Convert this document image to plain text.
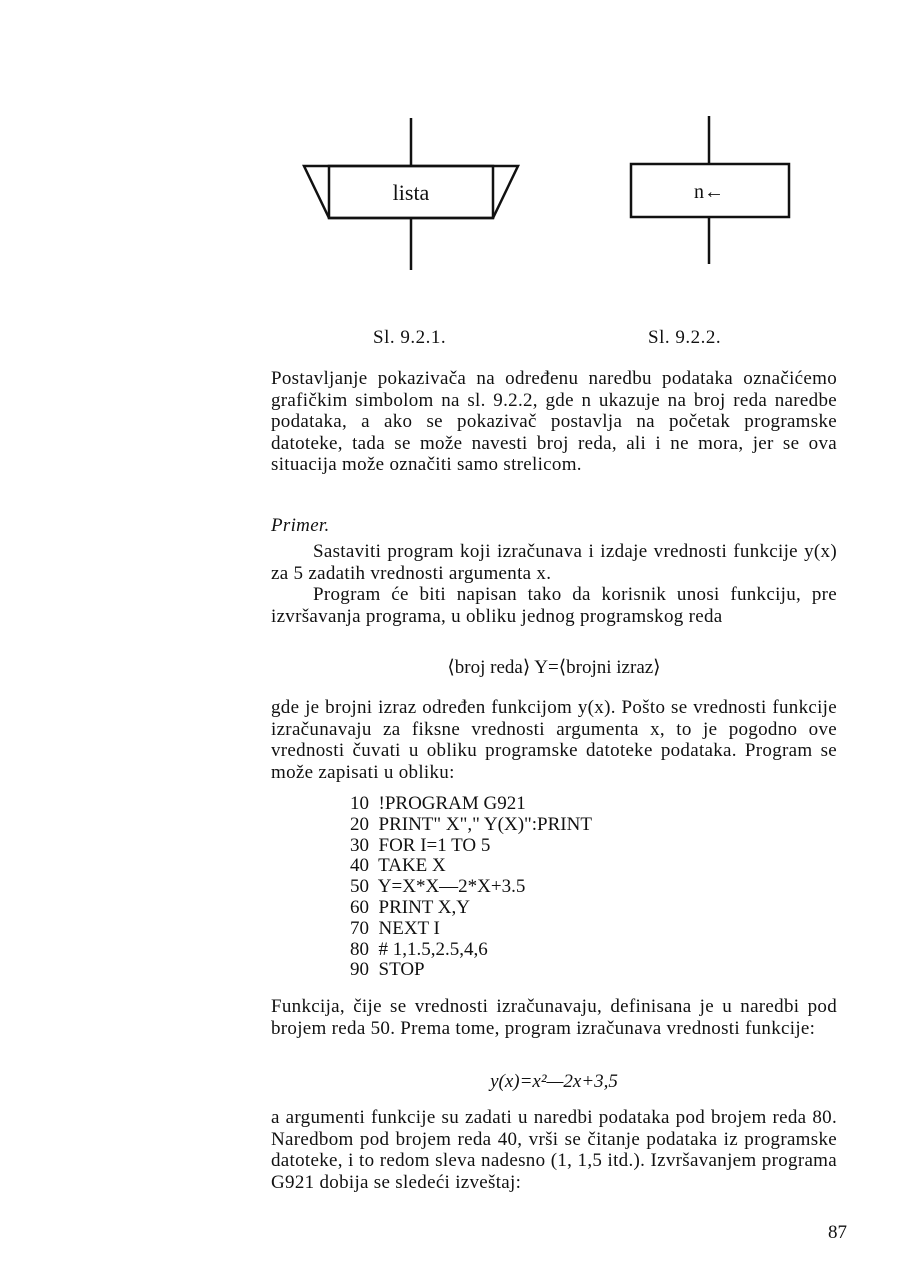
lista	n←
Sl. 9.2.1.	Sl. 9.2.2.

Postavljanje pokazivača na određenu naredbu podataka označićemo grafičkim simbolom na sl. 9.2.2, gde n ukazuje na broj reda naredbe podataka, a ako se pokazivač postavlja na početak programske datoteke, tada se može navesti broj reda, ali i ne mora, jer se ova situacija može označiti samo strelicom.

Primer.

Sastaviti program koji izračunava i izdaje vrednosti funkcije y(x) za 5 zadatih vrednosti argumenta x.

Program će biti napisan tako da korisnik unosi funkciju, pre izvršavanja programa, u obliku jednog programskog reda

⟨broj reda⟩ Y=⟨brojni izraz⟩

gde je brojni izraz određen funkcijom y(x). Pošto se vrednosti funkcije izračunavaju za fiksne vrednosti argumenta x, to je pogodno ove vrednosti čuvati u obliku programske datoteke podataka. Program se može zapisati u obliku:

10  !PROGRAM G921
20  PRINT" X"," Y(X)":PRINT
30  FOR I=1 TO 5
40  TAKE X
50  Y=X*X—2*X+3.5
60  PRINT X,Y
70  NEXT I
80  # 1,1.5,2.5,4,6
90  STOP

Funkcija, čije se vrednosti izračunavaju, definisana je u naredbi pod brojem reda 50. Prema tome, program izračunava vrednosti funkcije:

y(x)=x²—2x+3,5

a argumenti funkcije su zadati u naredbi podataka pod brojem reda 80. Naredbom pod brojem reda 40, vrši se čitanje podataka iz programske datoteke, i to redom sleva nadesno (1, 1,5 itd.). Izvršavanjem programa G921 dobija se sledeći izveštaj:

87
